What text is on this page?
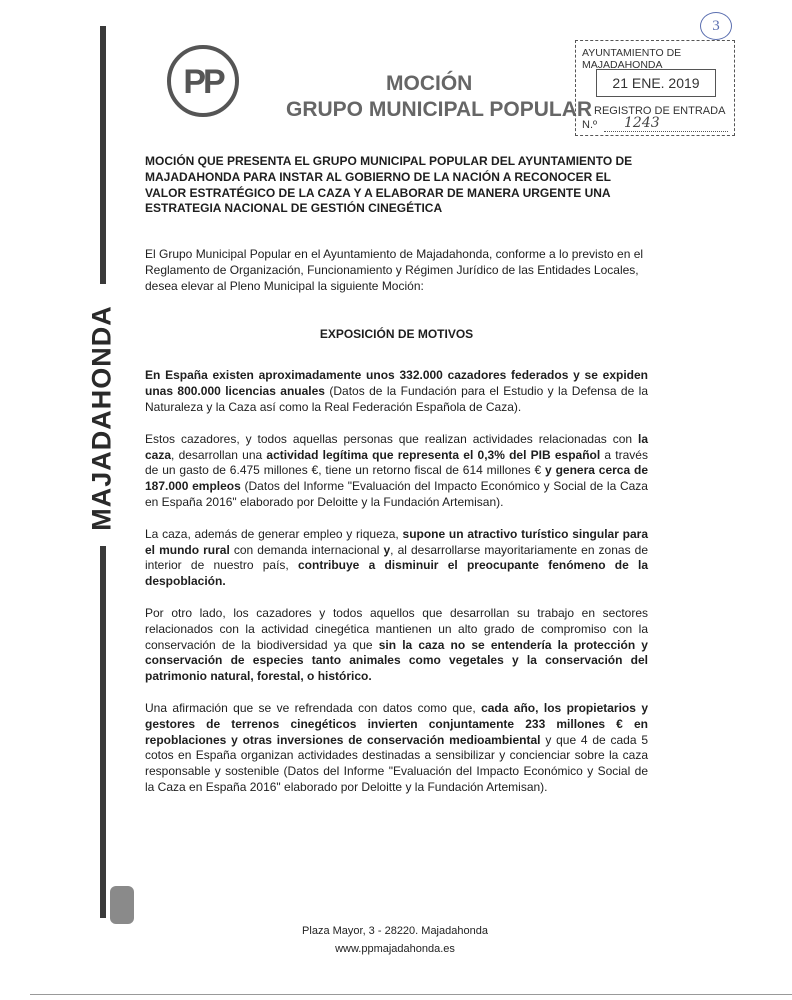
MAJADAHONDA
PP	MOCIÓN
GRUPO MUNICIPAL POPULAR
3
AYUNTAMIENTO DE MAJADAHONDA
21 ENE. 2019
REGISTRO DE ENTRADA
N.º 1243
MOCIÓN QUE PRESENTA EL GRUPO MUNICIPAL POPULAR DEL AYUNTAMIENTO DE MAJADAHONDA PARA INSTAR AL GOBIERNO DE LA NACIÓN A RECONOCER EL VALOR ESTRATÉGICO DE LA CAZA Y A ELABORAR DE MANERA URGENTE UNA ESTRATEGIA NACIONAL DE GESTIÓN CINEGÉTICA
El Grupo Municipal Popular en el Ayuntamiento de Majadahonda, conforme a lo previsto en el Reglamento de Organización, Funcionamiento y Régimen Jurídico de las Entidades Locales, desea elevar al Pleno Municipal la siguiente Moción:
EXPOSICIÓN DE MOTIVOS

En España existen aproximadamente unos 332.000 cazadores federados y se expiden unas 800.000 licencias anuales (Datos de la Fundación para el Estudio y la Defensa de la Naturaleza y la Caza así como la Real Federación Española de Caza).

Estos cazadores, y todos aquellas personas que realizan actividades relacionadas con la caza, desarrollan una actividad legítima que representa el 0,3% del PIB español a través de un gasto de 6.475 millones €, tiene un retorno fiscal de 614 millones € y genera cerca de 187.000 empleos (Datos del Informe "Evaluación del Impacto Económico y Social de la Caza en España 2016" elaborado por Deloitte y la Fundación Artemisan).

La caza, además de generar empleo y riqueza, supone un atractivo turístico singular para el mundo rural con demanda internacional y, al desarrollarse mayoritariamente en zonas de interior de nuestro país, contribuye a disminuir el preocupante fenómeno de la despoblación.

Por otro lado, los cazadores y todos aquellos que desarrollan su trabajo en sectores relacionados con la actividad cinegética mantienen un alto grado de compromiso con la conservación de la biodiversidad ya que sin la caza no se entendería la protección y conservación de especies tanto animales como vegetales y la conservación del patrimonio natural, forestal, o histórico.

Una afirmación que se ve refrendada con datos como que, cada año, los propietarios y gestores de terrenos cinegéticos invierten conjuntamente 233 millones € en repoblaciones y otras inversiones de conservación medioambiental y que 4 de cada 5 cotos en España organizan actividades destinadas a sensibilizar y concienciar sobre la caza responsable y sostenible (Datos del Informe "Evaluación del Impacto Económico y Social de la Caza en España 2016" elaborado por Deloitte y la Fundación Artemisan).

Plaza Mayor, 3 - 28220. Majadahonda
www.ppmajadahonda.es
